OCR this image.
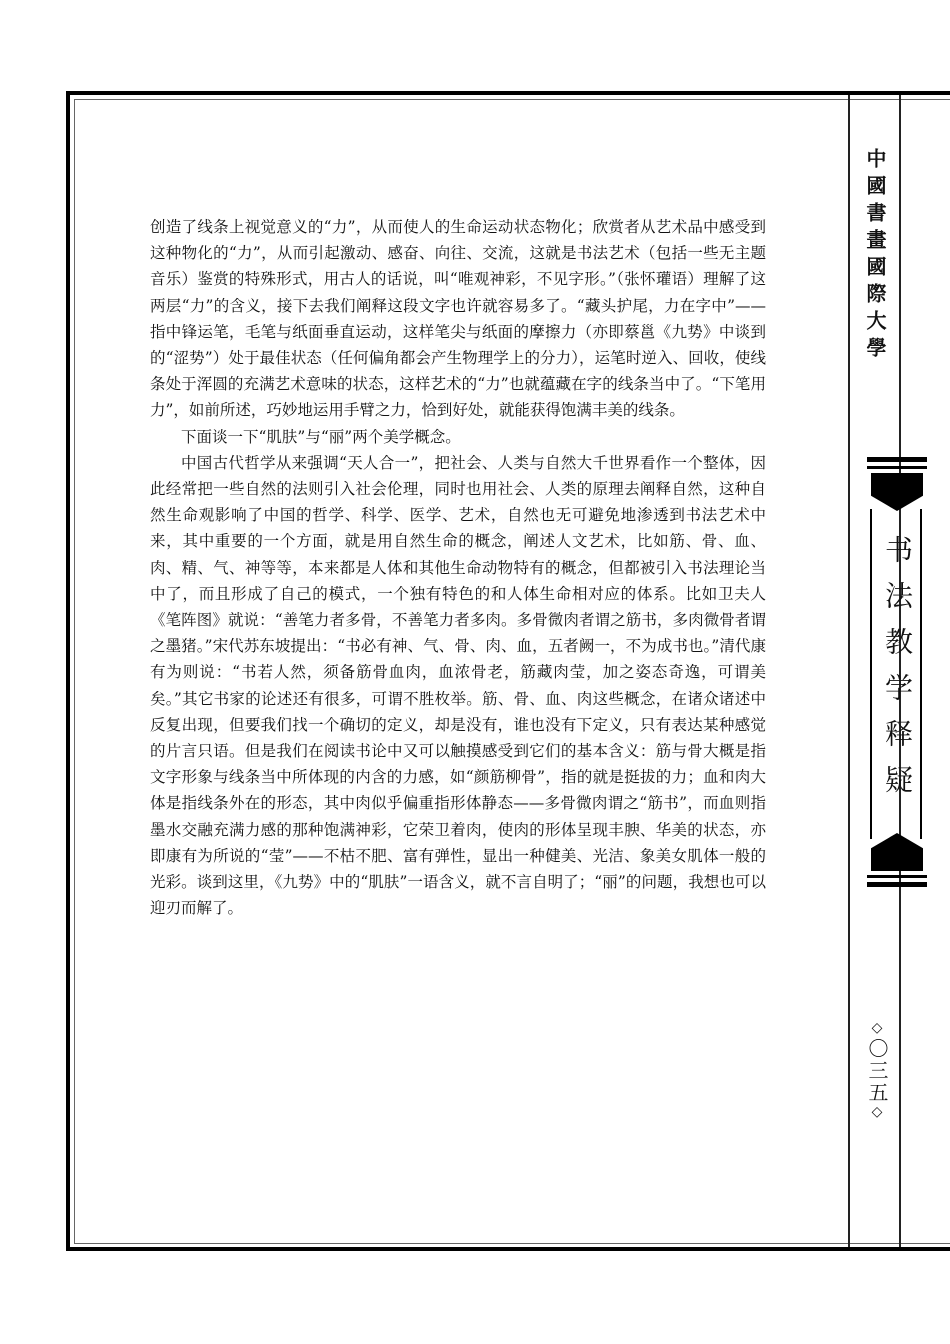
中國書畫國際大學
书法教学释疑
◇〇三五◇

创造了线条上视觉意义的“力”，从而使人的生命运动状态物化；欣赏者从艺术品中感受到这种物化的“力”，从而引起激动、感奋、向往、交流，这就是书法艺术（包括一些无主题音乐）鉴赏的特殊形式，用古人的话说，叫“唯观神彩，不见字形。”（张怀瓘语）理解了这两层“力”的含义，接下去我们阐释这段文字也许就容易多了。“藏头护尾，力在字中”——指中锋运笔，毛笔与纸面垂直运动，这样笔尖与纸面的摩擦力（亦即蔡邕《九势》中谈到的“涩势”）处于最佳状态（任何偏角都会产生物理学上的分力），运笔时逆入、回收，使线条处于浑圆的充满艺术意味的状态，这样艺术的“力”也就蕴藏在字的线条当中了。“下笔用力”，如前所述，巧妙地运用手臂之力，恰到好处，就能获得饱满丰美的线条。

下面谈一下“肌肤”与“丽”两个美学概念。

中国古代哲学从来强调“天人合一”，把社会、人类与自然大千世界看作一个整体，因此经常把一些自然的法则引入社会伦理，同时也用社会、人类的原理去阐释自然，这种自然生命观影响了中国的哲学、科学、医学、艺术，自然也无可避免地渗透到书法艺术中来，其中重要的一个方面，就是用自然生命的概念，阐述人文艺术，比如筋、骨、血、肉、精、气、神等等，本来都是人体和其他生命动物特有的概念，但都被引入书法理论当中了，而且形成了自己的模式，一个独有特色的和人体生命相对应的体系。比如卫夫人《笔阵图》就说：“善笔力者多骨，不善笔力者多肉。多骨微肉者谓之筋书，多肉微骨者谓之墨猪。”宋代苏东坡提出：“书必有神、气、骨、肉、血，五者阙一，不为成书也。”清代康有为则说：“书若人然，须备筋骨血肉，血浓骨老，筋藏肉莹，加之姿态奇逸，可谓美矣。”其它书家的论述还有很多，可谓不胜枚举。筋、骨、血、肉这些概念，在诸众诸述中反复出现，但要我们找一个确切的定义，却是没有，谁也没有下定义，只有表达某种感觉的片言只语。但是我们在阅读书论中又可以触摸感受到它们的基本含义：筋与骨大概是指文字形象与线条当中所体现的内含的力感，如“颜筋柳骨”，指的就是挺拔的力；血和肉大体是指线条外在的形态，其中肉似乎偏重指形体静态——多骨微肉谓之“筋书”，而血则指墨水交融充满力感的那种饱满神彩，它荣卫着肉，使肉的形体呈现丰腴、华美的状态，亦即康有为所说的“莹”——不枯不肥、富有弹性，显出一种健美、光洁、象美女肌体一般的光彩。谈到这里，《九势》中的“肌肤”一语含义，就不言自明了；“丽”的问题，我想也可以迎刃而解了。
